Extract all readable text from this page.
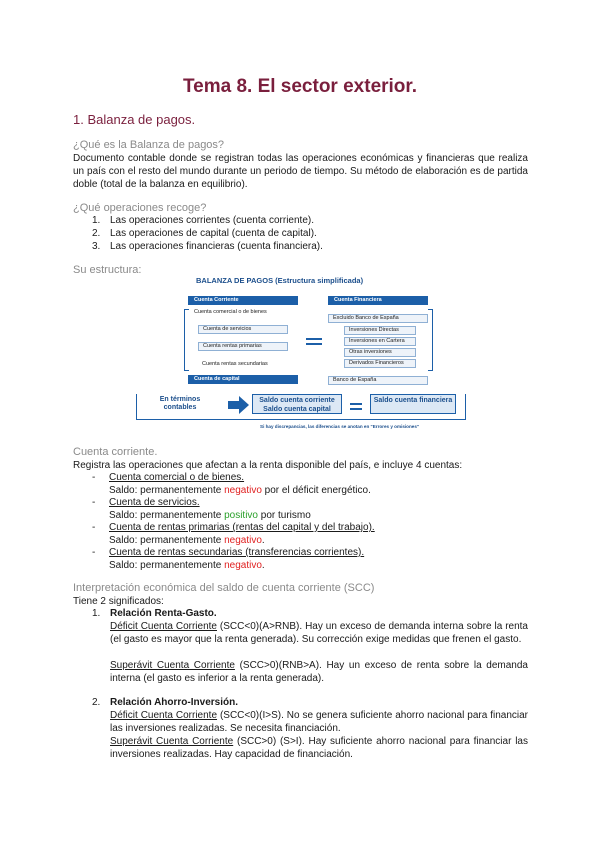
Tema 8. El sector exterior.
1. Balanza de pagos.
¿Qué es la Balanza de pagos?
Documento contable donde se registran todas las operaciones económicas y financieras que realiza un país con el resto del mundo durante un periodo de tiempo. Su método de elaboración es de partida doble (total de la balanza en equilibrio).
¿Qué operaciones recoge?
1. Las operaciones corrientes (cuenta corriente).
2. Las operaciones de capital (cuenta de capital).
3. Las operaciones financieras (cuenta financiera).
Su estructura:
BALANZA DE PAGOS (Estructura simplificada)
Cuenta Corriente
Cuenta comercial o de bienes
Cuenta de servicios
Cuenta rentas primarias
Cuenta rentas secundarias
Cuenta de capital
Cuenta Financiera
Excluido Banco de España
Inversiones Directas
Inversiones en Cartera
Otras inversiones
Derivados Financieros
Banco de España
En términos contables
Saldo cuenta corriente
Saldo cuenta capital
Saldo cuenta financiera
Si hay discrepancias, las diferencias se anotan en "Errores y omisiones"
Cuenta corriente.
Registra las operaciones que afectan a la renta disponible del país, e incluye 4 cuentas:
- Cuenta comercial o de bienes.
Saldo: permanentemente negativo por el déficit energético.
- Cuenta de servicios.
Saldo: permanentemente positivo por turismo
- Cuenta de rentas primarias (rentas del capital y del trabajo).
Saldo: permanentemente negativo.
- Cuenta de rentas secundarias (transferencias corrientes).
Saldo: permanentemente negativo.
Interpretación económica del saldo de cuenta corriente (SCC)
Tiene 2 significados:
1. Relación Renta-Gasto.
Déficit Cuenta Corriente (SCC<0)(A>RNB). Hay un exceso de demanda interna sobre la renta (el gasto es mayor que la renta generada). Su corrección exige medidas que frenen el gasto.
Superávit Cuenta Corriente (SCC>0)(RNB>A). Hay un exceso de renta sobre la demanda interna (el gasto es inferior a la renta generada).
2. Relación Ahorro-Inversión.
Déficit Cuenta Corriente (SCC<0)(I>S). No se genera suficiente ahorro nacional para financiar las inversiones realizadas. Se necesita financiación.
Superávit Cuenta Corriente (SCC>0) (S>I). Hay suficiente ahorro nacional para financiar las inversiones realizadas. Hay capacidad de financiación.
